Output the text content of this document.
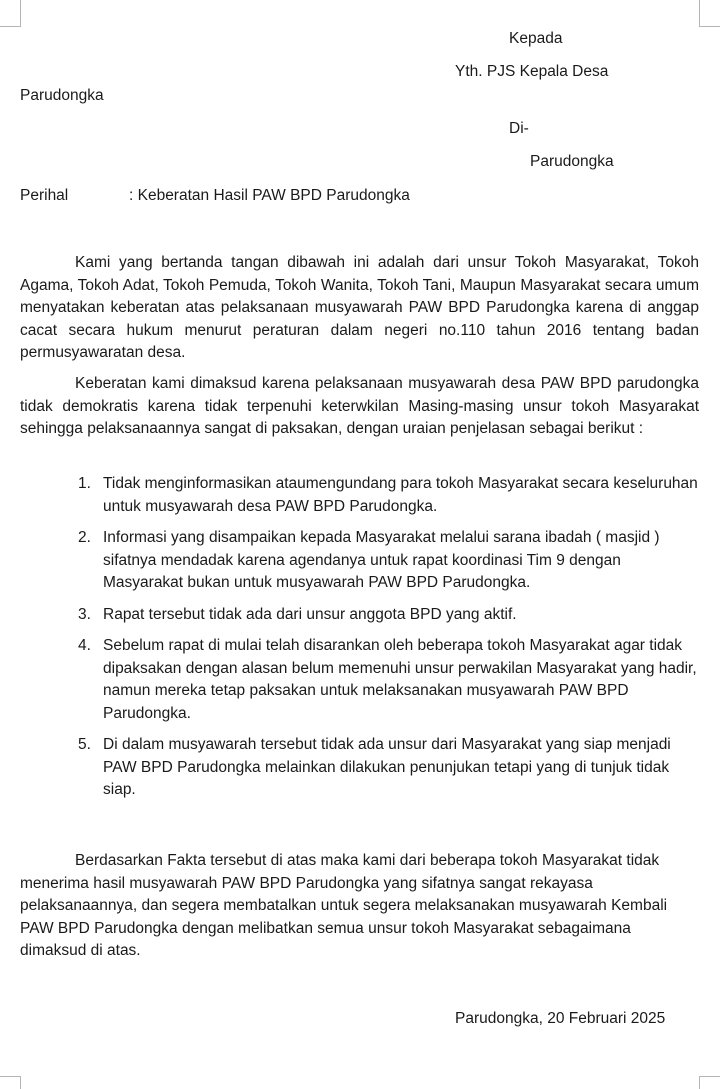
Kepada
Yth. PJS Kepala Desa
Parudongka
Di-
Parudongka
Perihal	: Keberatan Hasil PAW BPD Parudongka

Kami yang bertanda tangan dibawah ini adalah dari unsur Tokoh Masyarakat, Tokoh Agama, Tokoh Adat, Tokoh Pemuda, Tokoh Wanita, Tokoh Tani, Maupun Masyarakat secara umum menyatakan keberatan atas pelaksanaan musyawarah PAW BPD Parudongka karena di anggap cacat secara hukum menurut peraturan dalam negeri no.110 tahun 2016 tentang badan permusyawaratan desa.

Keberatan kami dimaksud karena pelaksanaan musyawarah desa PAW BPD parudongka tidak demokratis karena tidak terpenuhi keterwkilan Masing-masing unsur tokoh Masyarakat sehingga pelaksanaannya sangat di paksakan, dengan uraian penjelasan sebagai berikut :

1. Tidak menginformasikan ataumengundang para tokoh Masyarakat secara keseluruhan untuk musyawarah desa PAW BPD Parudongka.
2. Informasi yang disampaikan kepada Masyarakat melalui sarana ibadah ( masjid ) sifatnya mendadak karena agendanya untuk rapat koordinasi Tim 9 dengan Masyarakat bukan untuk musyawarah PAW BPD Parudongka.
3. Rapat tersebut tidak ada dari unsur anggota BPD yang aktif.
4. Sebelum rapat di mulai telah disarankan oleh beberapa tokoh Masyarakat agar tidak dipaksakan dengan alasan belum memenuhi unsur perwakilan Masyarakat yang hadir, namun mereka tetap paksakan untuk melaksanakan musyawarah PAW BPD Parudongka.
5. Di dalam musyawarah tersebut tidak ada unsur dari Masyarakat yang siap menjadi PAW BPD Parudongka melainkan dilakukan penunjukan tetapi yang di tunjuk tidak siap.

Berdasarkan Fakta tersebut di atas maka kami dari beberapa tokoh Masyarakat tidak menerima hasil musyawarah PAW BPD Parudongka yang sifatnya sangat rekayasa pelaksanaannya, dan segera membatalkan untuk segera melaksanakan musyawarah Kembali PAW BPD Parudongka dengan melibatkan semua unsur tokoh Masyarakat sebagaimana dimaksud di atas.

Parudongka, 20 Februari 2025
